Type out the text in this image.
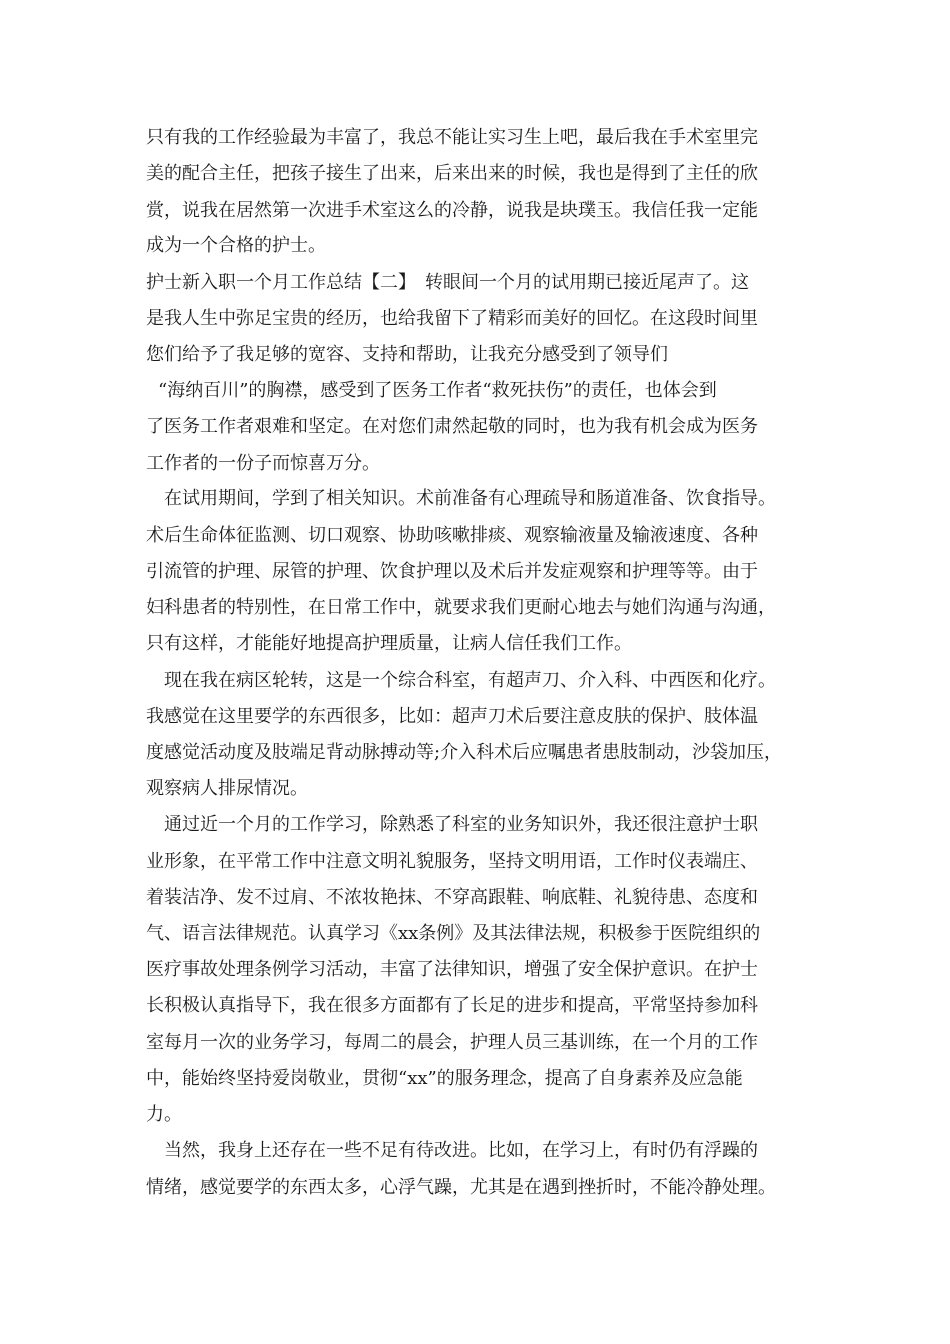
只有我的工作经验最为丰富了，我总不能让实习生上吧，最后我在手术室里完
美的配合主任，把孩子接生了出来，后来出来的时候，我也是得到了主任的欣
赏，说我在居然第一次进手术室这么的冷静，说我是块璞玉。我信任我一定能
成为一个合格的护士。
护士新入职一个月工作总结【二】　转眼间一个月的试用期已接近尾声了。这
是我人生中弥足宝贵的经历，也给我留下了精彩而美好的回忆。在这段时间里
您们给予了我足够的宽容、支持和帮助，让我充分感受到了领导们
“海纳百川”的胸襟，感受到了医务工作者“救死扶伤”的责任，也体会到
了医务工作者艰难和坚定。在对您们肃然起敬的同时，也为我有机会成为医务
工作者的一份子而惊喜万分。
在试用期间，学到了相关知识。术前准备有心理疏导和肠道准备、饮食指导。
术后生命体征监测、切口观察、协助咳嗽排痰、观察输液量及输液速度、各种
引流管的护理、尿管的护理、饮食护理以及术后并发症观察和护理等等。由于
妇科患者的特别性，在日常工作中，就要求我们更耐心地去与她们沟通与沟通，
只有这样，才能能好地提高护理质量，让病人信任我们工作。
现在我在病区轮转，这是一个综合科室，有超声刀、介入科、中西医和化疗。
我感觉在这里要学的东西很多，比如：超声刀术后要注意皮肤的保护、肢体温
度感觉活动度及肢端足背动脉搏动等;介入科术后应嘱患者患肢制动，沙袋加压，
观察病人排尿情况。
通过近一个月的工作学习，除熟悉了科室的业务知识外，我还很注意护士职
业形象，在平常工作中注意文明礼貌服务，坚持文明用语，工作时仪表端庄、
着装洁净、发不过肩、不浓妆艳抹、不穿高跟鞋、响底鞋、礼貌待患、态度和
气、语言法律规范。认真学习《xx条例》及其法律法规，积极参于医院组织的
医疗事故处理条例学习活动，丰富了法律知识，增强了安全保护意识。在护士
长积极认真指导下，我在很多方面都有了长足的进步和提高，平常坚持参加科
室每月一次的业务学习，每周二的晨会，护理人员三基训练，在一个月的工作
中，能始终坚持爱岗敬业，贯彻“xx”的服务理念，提高了自身素养及应急能
力。
当然，我身上还存在一些不足有待改进。比如，在学习上，有时仍有浮躁的
情绪，感觉要学的东西太多，心浮气躁，尤其是在遇到挫折时，不能冷静处理。
